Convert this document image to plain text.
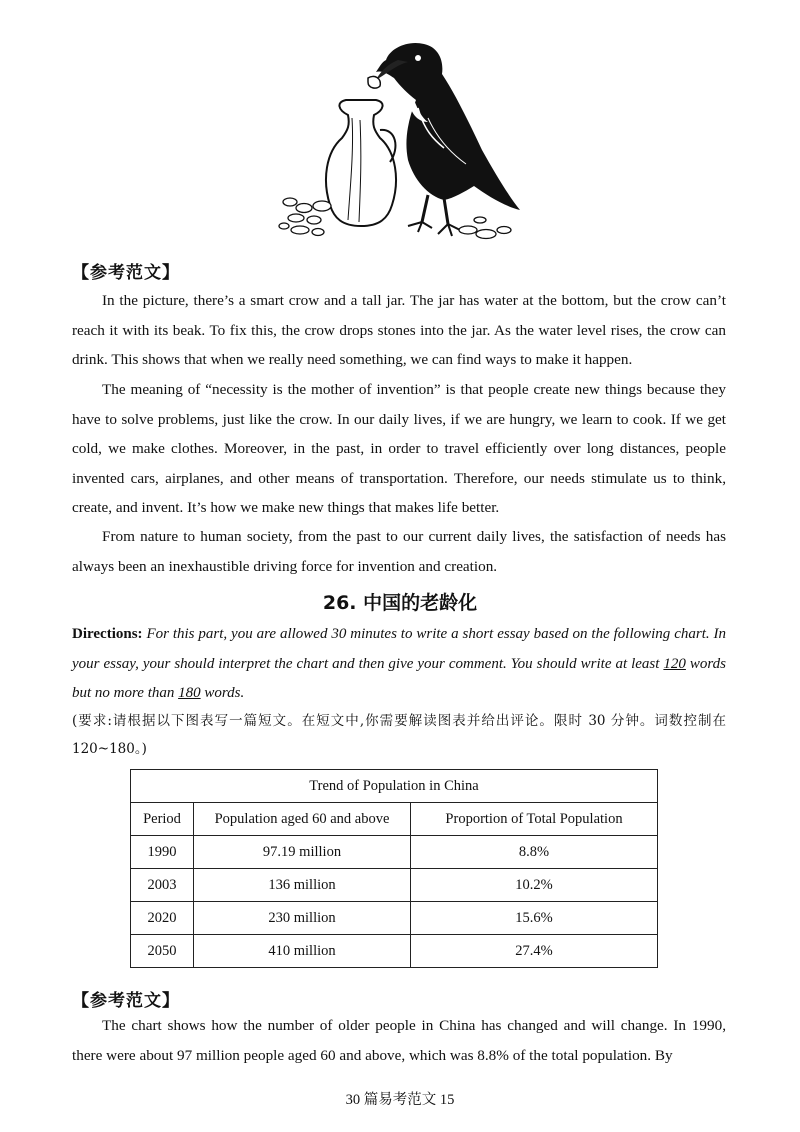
【参考范文】

In the picture, there’s a smart crow and a tall jar. The jar has water at the bottom, but the crow can’t reach it with its beak. To fix this, the crow drops stones into the jar. As the water level rises, the crow can drink. This shows that when we really need something, we can find ways to make it happen.

The meaning of “necessity is the mother of invention” is that people create new things because they have to solve problems, just like the crow. In our daily lives, if we are hungry, we learn to cook. If we get cold, we make clothes. Moreover, in the past, in order to travel efficiently over long distances, people invented cars, airplanes, and other means of transportation. Therefore, our needs stimulate us to think, create, and invent. It’s how we make new things that makes life better.

From nature to human society, from the past to our current daily lives, the satisfaction of needs has always been an inexhaustible driving force for invention and creation.

26. 中国的老龄化

Directions: For this part, you are allowed 30 minutes to write a short essay based on the following chart. In your essay, your should interpret the chart and then give your comment. You should write at least 120 words but no more than 180 words.

(要求:请根据以下图表写一篇短文。在短文中,你需要解读图表并给出评论。限时 30 分钟。词数控制在 120~180。)

Trend of Population in China		
Period	Population aged 60 and above	Proportion of Total Population
1990	97.19 million	8.8%
2003	136 million	10.2%
2020	230 million	15.6%
2050	410 million	27.4%
【参考范文】

The chart shows how the number of older people in China has changed and will change. In 1990, there were about 97 million people aged 60 and above, which was 8.8% of the total population. By

30 篇易考范文 15
